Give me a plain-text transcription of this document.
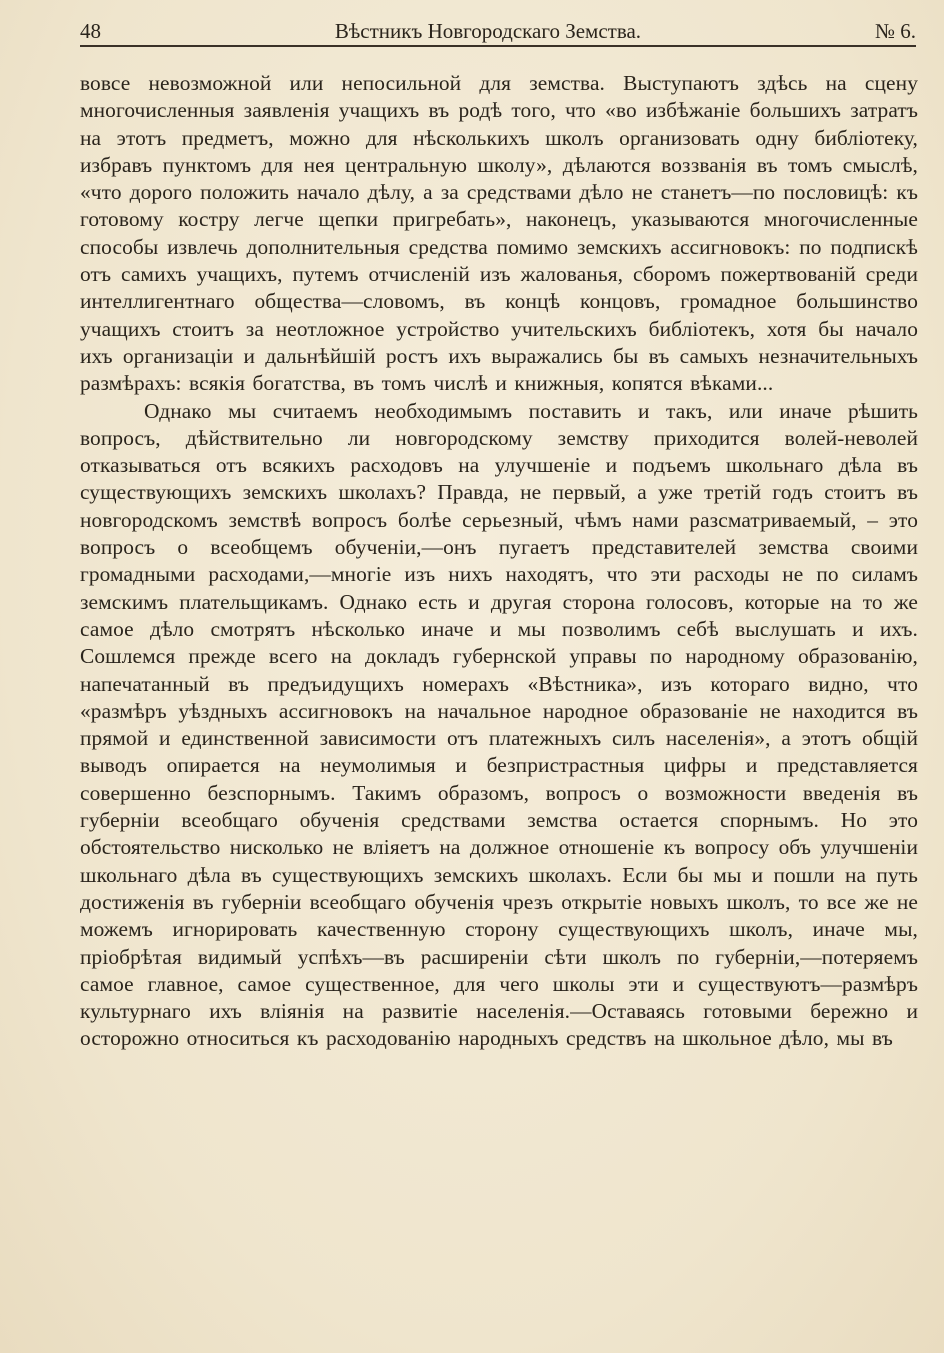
48	Вѣстникъ Новгородскаго Земства.	№ 6.

вовсе невозможной или непосильной для земства. Выступаютъ здѣсь на сцену многочисленныя заявленія учащихъ въ родѣ того, что «во избѣжаніе большихъ затратъ на этотъ предметъ, можно для нѣсколькихъ школъ организовать одну библіотеку, избравъ пунктомъ для нея центральную школу», дѣлаются воззванія въ томъ смыслѣ, «что дорого положить начало дѣлу, а за средствами дѣло не станетъ—по пословицѣ: къ готовому костру легче щепки пригребать», наконецъ, указываются многочисленные способы извлечь дополнительныя средства помимо земскихъ ассигновокъ: по подпискѣ отъ самихъ учащихъ, путемъ отчисленій изъ жалованья, сборомъ пожертвованій среди интеллигентнаго общества—словомъ, въ концѣ концовъ, громадное большинство учащихъ стоитъ за неотложное устройство учительскихъ библіотекъ, хотя бы начало ихъ организаціи и дальнѣйшій ростъ ихъ выражались бы въ самыхъ незначительныхъ размѣрахъ: всякія богатства, въ томъ числѣ и книжныя, копятся вѣками...

Однако мы считаемъ необходимымъ поставить и такъ, или иначе рѣшить вопросъ, дѣйствительно ли новгородскому земству приходится волей-неволей отказываться отъ всякихъ расходовъ на улучшеніе и подъемъ школьнаго дѣла въ существующихъ земскихъ школахъ? Правда, не первый, а уже третій годъ стоитъ въ новгородскомъ земствѣ вопросъ болѣе серьезный, чѣмъ нами разсматриваемый, – это вопросъ о всеобщемъ обученіи,—онъ пугаетъ представителей земства своими громадными расходами,—многіе изъ нихъ находятъ, что эти расходы не по силамъ земскимъ плательщикамъ. Однако есть и другая сторона голосовъ, которые на то же самое дѣло смотрятъ нѣсколько иначе и мы позволимъ себѣ выслушать и ихъ. Сошлемся прежде всего на докладъ губернской управы по народному образованію, напечатанный въ предъидущихъ номерахъ «Вѣстника», изъ котораго видно, что «размѣръ уѣздныхъ ассигновокъ на начальное народное образованіе не находится въ прямой и единственной зависимости отъ платежныхъ силъ населенія», а этотъ общій выводъ опирается на неумолимыя и безпристрастныя цифры и представляется совершенно безспорнымъ. Такимъ образомъ, вопросъ о возможности введенія въ губерніи всеобщаго обученія средствами земства остается спорнымъ. Но это обстоятельство нисколько не вліяетъ на должное отношеніе къ вопросу объ улучшеніи школьнаго дѣла въ существующихъ земскихъ школахъ. Если бы мы и пошли на путь достиженія въ губерніи всеобщаго обученія чрезъ открытіе новыхъ школъ, то все же не можемъ игнорировать качественную сторону существующихъ школъ, иначе мы, пріобрѣтая видимый успѣхъ—въ расширеніи сѣти школъ по губерніи,—потеряемъ самое главное, самое существенное, для чего школы эти и существуютъ—размѣръ культурнаго ихъ вліянія на развитіе населенія.—Оставаясь готовыми бережно и осторожно относиться къ расходованію народныхъ средствъ на школьное дѣло, мы въ
